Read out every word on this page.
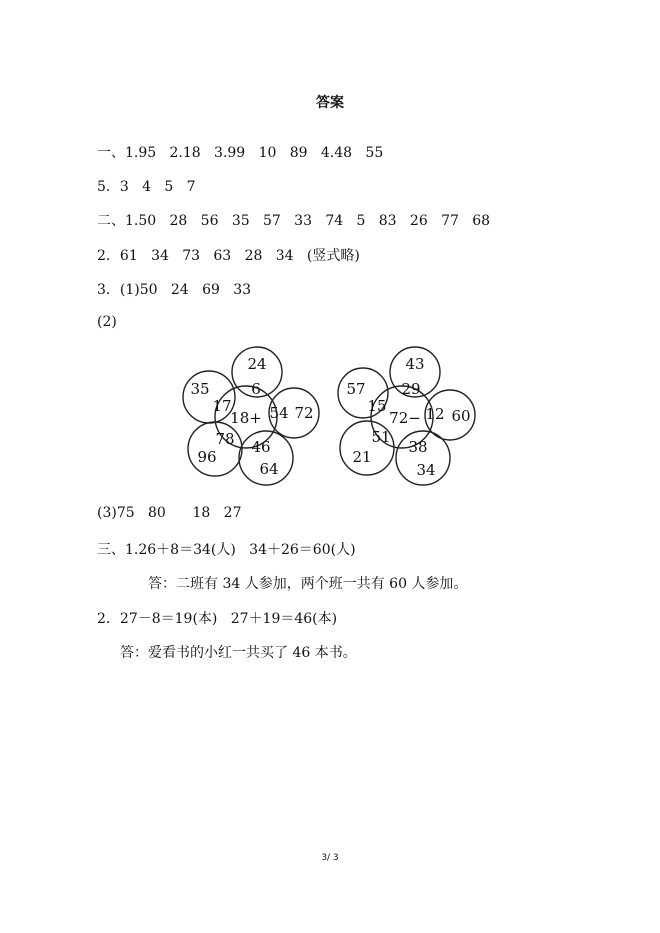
答案
一、1.95   2.18   3.99   10   89   4.48   55
5．3   4   5   7
二、1.50   28   56   35   57   33   74   5   83   26   77   68
2．61   34   73   63   28   34   (竖式略)
3．(1)50   24   69   33
(2)
18+
6
54
46
78
17
24
72
64
96
35
72−
29
12
38
51
15
43
60
34
21
57
(3)75   80      18   27
三、1.26＋8＝34(人)   34＋26＝60(人)
答：二班有 34 人参加，两个班一共有 60 人参加。
2．27－8＝19(本)   27＋19＝46(本)
答：爱看书的小红一共买了 46 本书。
3/ 3
